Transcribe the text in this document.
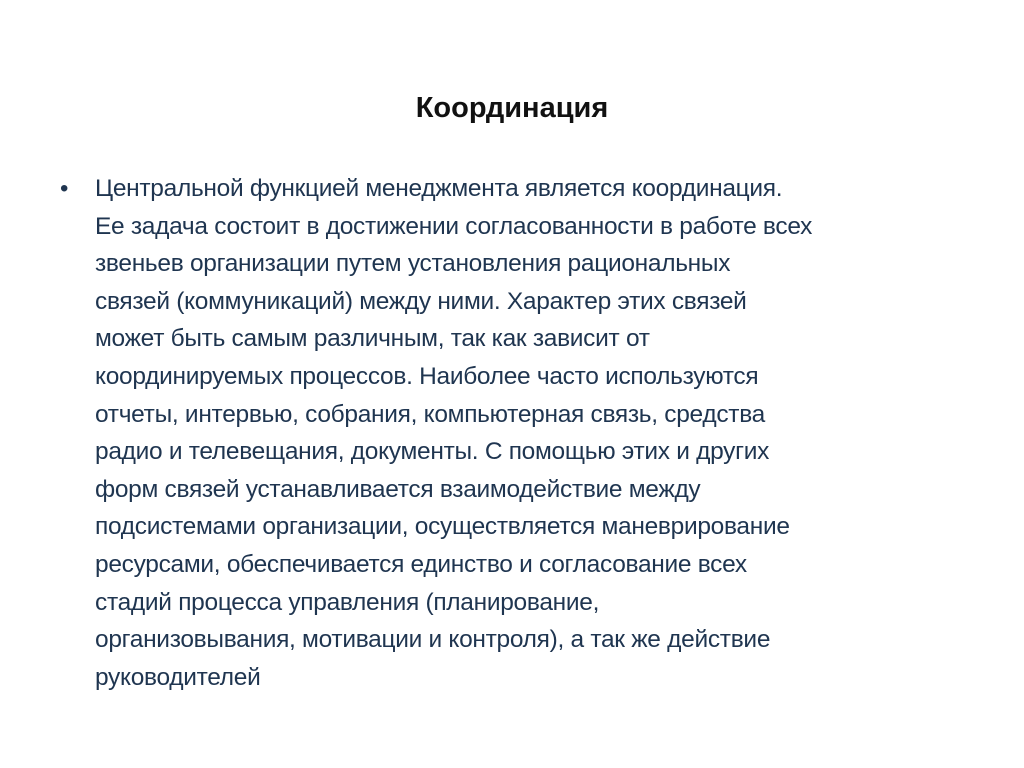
Координация
• Центральной функцией менеджмента является координация.
Ее задача состоит в достижении согласованности в работе всех
звеньев организации путем установления рациональных
связей (коммуникаций) между ними. Характер этих связей
может быть самым различным, так как зависит от
координируемых процессов. Наиболее часто используются
отчеты, интервью, собрания, компьютерная связь, средства
радио и телевещания, документы. С помощью этих и других
форм связей устанавливается взаимодействие между
подсистемами организации, осуществляется маневрирование
ресурсами, обеспечивается единство и согласование всех
стадий процесса управления (планирование,
организовывания, мотивации и контроля), а так же действие
руководителей
